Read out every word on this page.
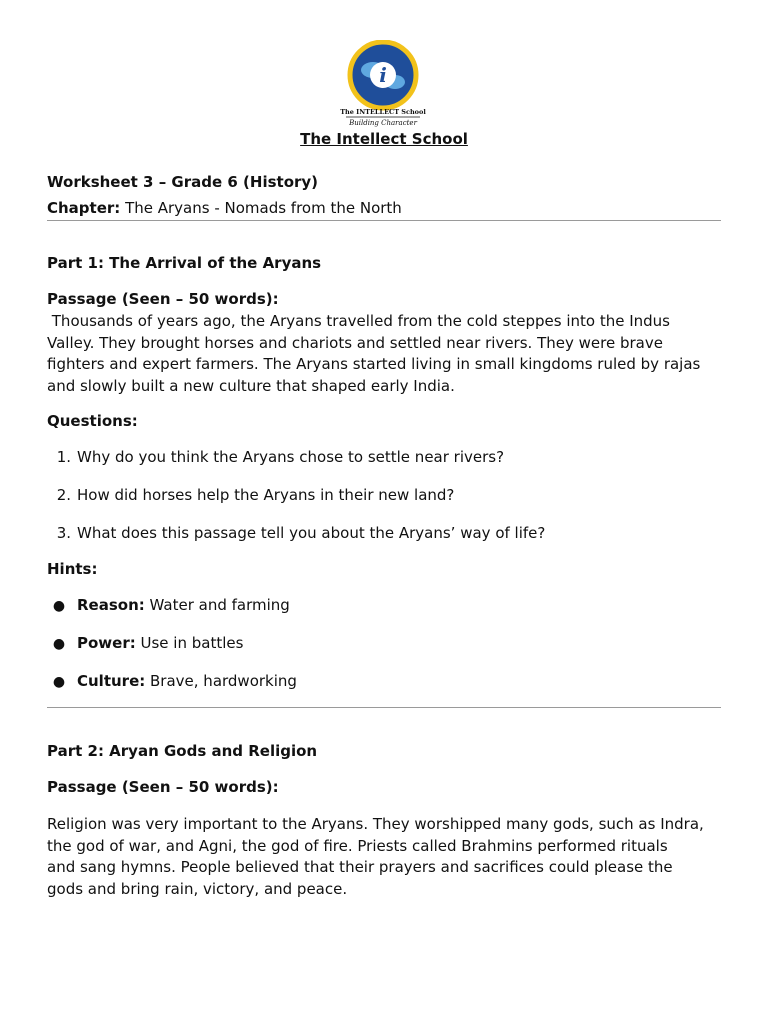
i
The INTELLECT School
Building Character
The Intellect School
Worksheet 3 – Grade 6 (History)
Chapter: The Aryans - Nomads from the North
Part 1: The Arrival of the Aryans
Passage (Seen – 50 words):
Thousands of years ago, the Aryans travelled from the cold steppes into the Indus
Valley. They brought horses and chariots and settled near rivers. They were brave
fighters and expert farmers. The Aryans started living in small kingdoms ruled by rajas
and slowly built a new culture that shaped early India.
Questions:
1. Why do you think the Aryans chose to settle near rivers?
2. How did horses help the Aryans in their new land?
3. What does this passage tell you about the Aryans’ way of life?
Hints:
● Reason: Water and farming
● Power: Use in battles
● Culture: Brave, hardworking
Part 2: Aryan Gods and Religion
Passage (Seen – 50 words):
Religion was very important to the Aryans. They worshipped many gods, such as Indra,
the god of war, and Agni, the god of fire. Priests called Brahmins performed rituals
and sang hymns. People believed that their prayers and sacrifices could please the
gods and bring rain, victory, and peace.
